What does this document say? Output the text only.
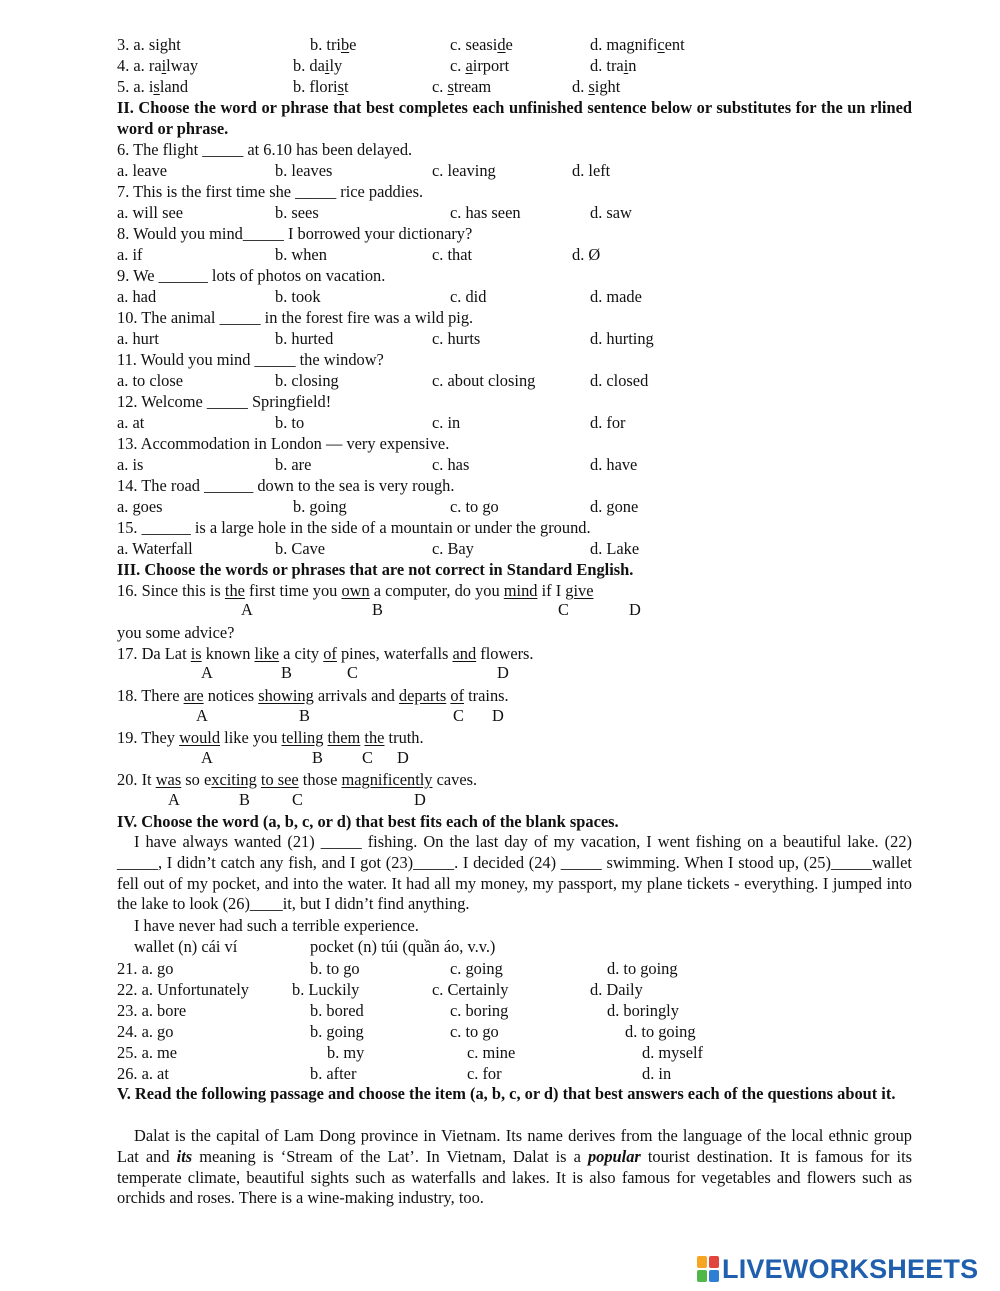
3. a. sight	b. tribe	c. seaside	d. magnificent
4. a. railway	b. daily	c. airport	d. train
5. a. island	b. florist	c. stream	d. sight
II. Choose the word or phrase that best completes each unfinished sentence below or substitutes for the un rlined word or phrase.
6. The flight _____ at 6.10 has been delayed.
a. leave	b. leaves	c. leaving	d. left
7. This is the first time she _____ rice paddies.
a. will see	b. sees	c. has seen	d. saw
8. Would you mind_____ I borrowed your dictionary?
a. if	b. when	c. that	d. Ø
9. We ______ lots of photos on vacation.
a. had	b. took	c. did	d. made
10. The animal _____ in the forest fire was a wild pig.
a. hurt	b. hurted	c. hurts	d. hurting
11. Would you mind _____ the window?
a. to close	b. closing	c. about closing	d. closed
12. Welcome _____ Springfield!
a. at	b. to	c. in	d. for
13. Accommodation in London — very expensive.
a. is	b. are	c. has	d. have
14. The road ______ down to the sea is very rough.
a. goes	b. going	c. to go	d. gone
15. ______ is a large hole in the side of a mountain or under the ground.
a. Waterfall	b. Cave	c. Bay	d. Lake
III. Choose the words or phrases that are not correct in Standard English.
16. Since this is the first time you own a computer, do you mind if I give
A	B	C	D
you some advice?
17. Da Lat is known like a city of pines, waterfalls and flowers.
A	B	C	D
18. There are notices showing arrivals and departs of trains.
A	B	C D
19. They would like you telling them the truth.
A	B C D
20. It was so exciting to see those magnificently caves.
A	B	C	D
IV. Choose the word (a, b, c, or d) that best fits each of the blank spaces.
I have always wanted (21) _____ fishing. On the last day of my vacation, I went fishing on a beautiful lake. (22) _____, I didn’t catch any fish, and I got (23)_____. I decided (24) _____ swimming. When I stood up, (25)_____wallet fell out of my pocket, and into the water. It had all my money, my passport, my plane tickets - everything. I jumped into the lake to look (26)____it, but I didn’t find anything.
I have never had such a terrible experience.
wallet (n) cái ví	pocket (n) túi (quần áo, v.v.)
21. a. go	b. to go	c. going	d. to going
22. a. Unfortunately	b. Luckily	c. Certainly	d. Daily
23. a. bore	b. bored	c. boring	d. boringly
24. a. go	b. going	c. to go	d. to going
25. a. me	b. my	c. mine	d. myself
26. a. at	b. after	c. for	d. in
V. Read the following passage and choose the item (a, b, c, or d) that best answers each of the questions about it.
Dalat is the capital of Lam Dong province in Vietnam. Its name derives from the language of the local ethnic group Lat and its meaning is ‘Stream of the Lat’. In Vietnam, Dalat is a popular tourist destination. It is famous for its temperate climate, beautiful sights such as waterfalls and lakes. It is also famous for vegetables and flowers such as orchids and roses. There is a wine-making industry, too.
LIVEWORKSHEETS
